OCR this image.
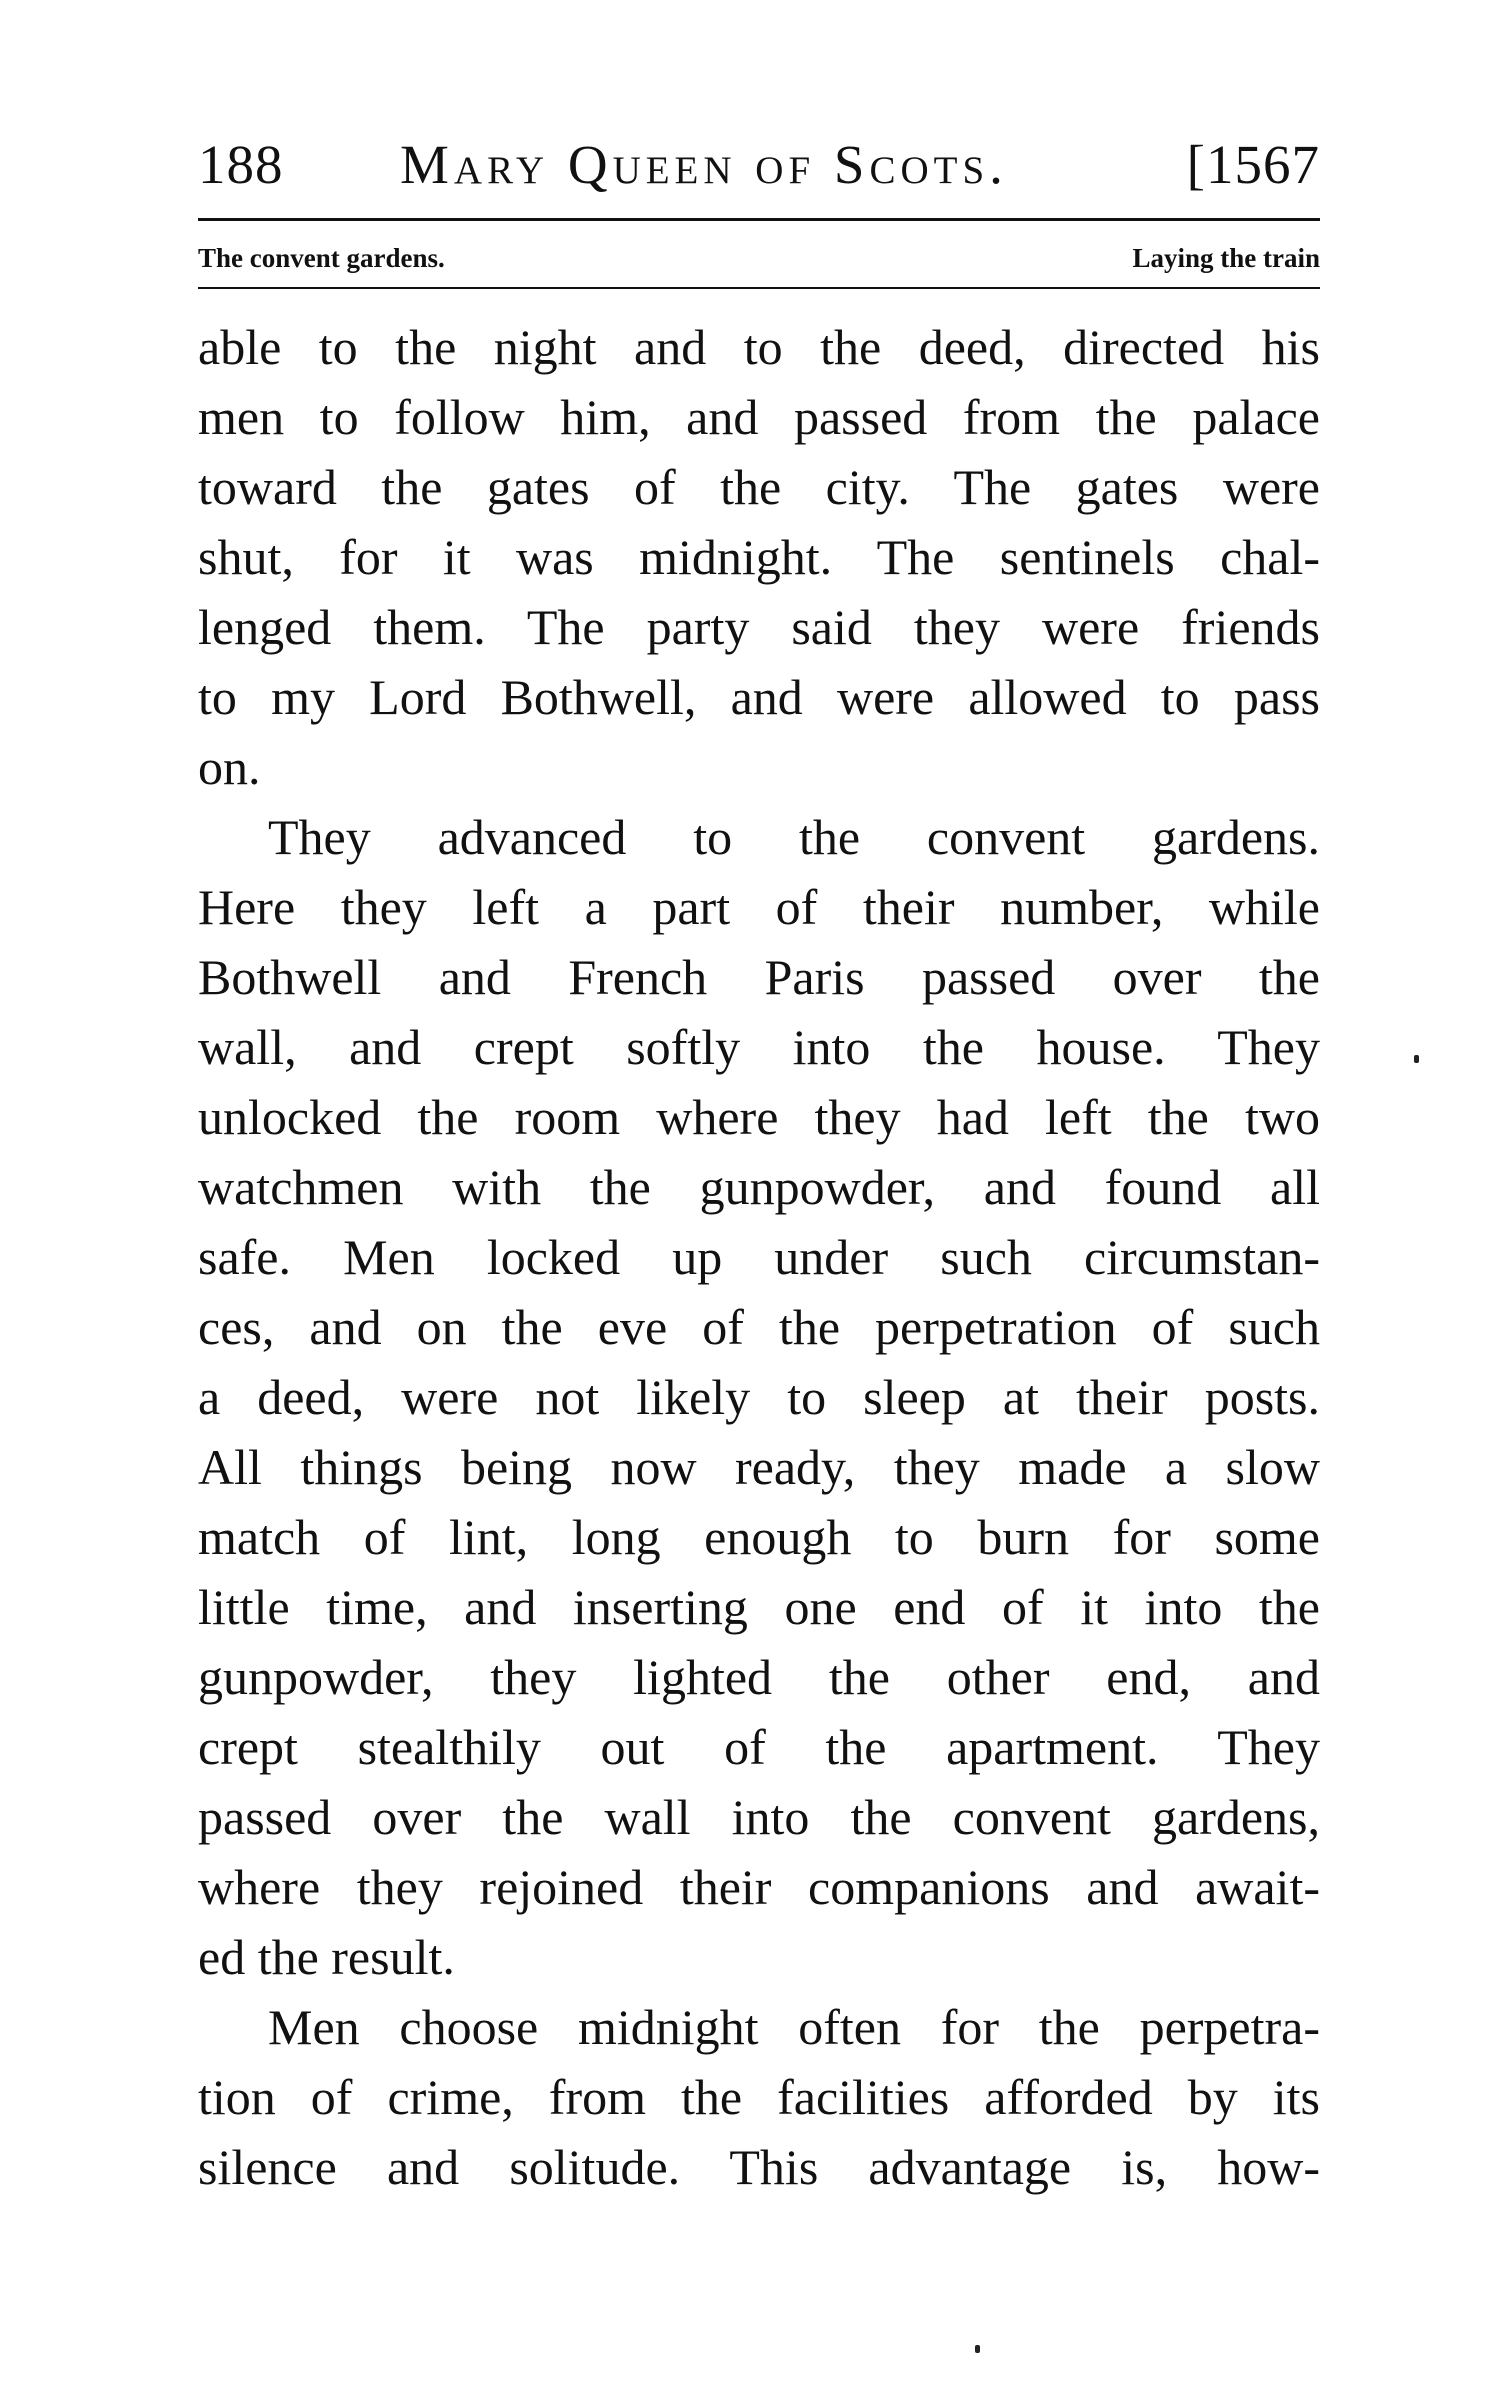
188 Mary Queen of Scots.	[1567
The convent gardens.	Laying the train
able to the night and to the deed, directed his
men to follow him, and passed from the palace
toward the gates of the city. The gates were
shut, for it was midnight. The sentinels chal-
lenged them. The party said they were friends
to my Lord Bothwell, and were allowed to pass
on.
They advanced to the convent gardens.
Here they left a part of their number, while
Bothwell and French Paris passed over the
wall, and crept softly into the house. They
unlocked the room where they had left the two
watchmen with the gunpowder, and found all
safe. Men locked up under such circumstan-
ces, and on the eve of the perpetration of such
a deed, were not likely to sleep at their posts.
All things being now ready, they made a slow
match of lint, long enough to burn for some
little time, and inserting one end of it into the
gunpowder, they lighted the other end, and
crept stealthily out of the apartment. They
passed over the wall into the convent gardens,
where they rejoined their companions and await-
ed the result.
Men choose midnight often for the perpetra-
tion of crime, from the facilities afforded by its
silence and solitude. This advantage is, how-
